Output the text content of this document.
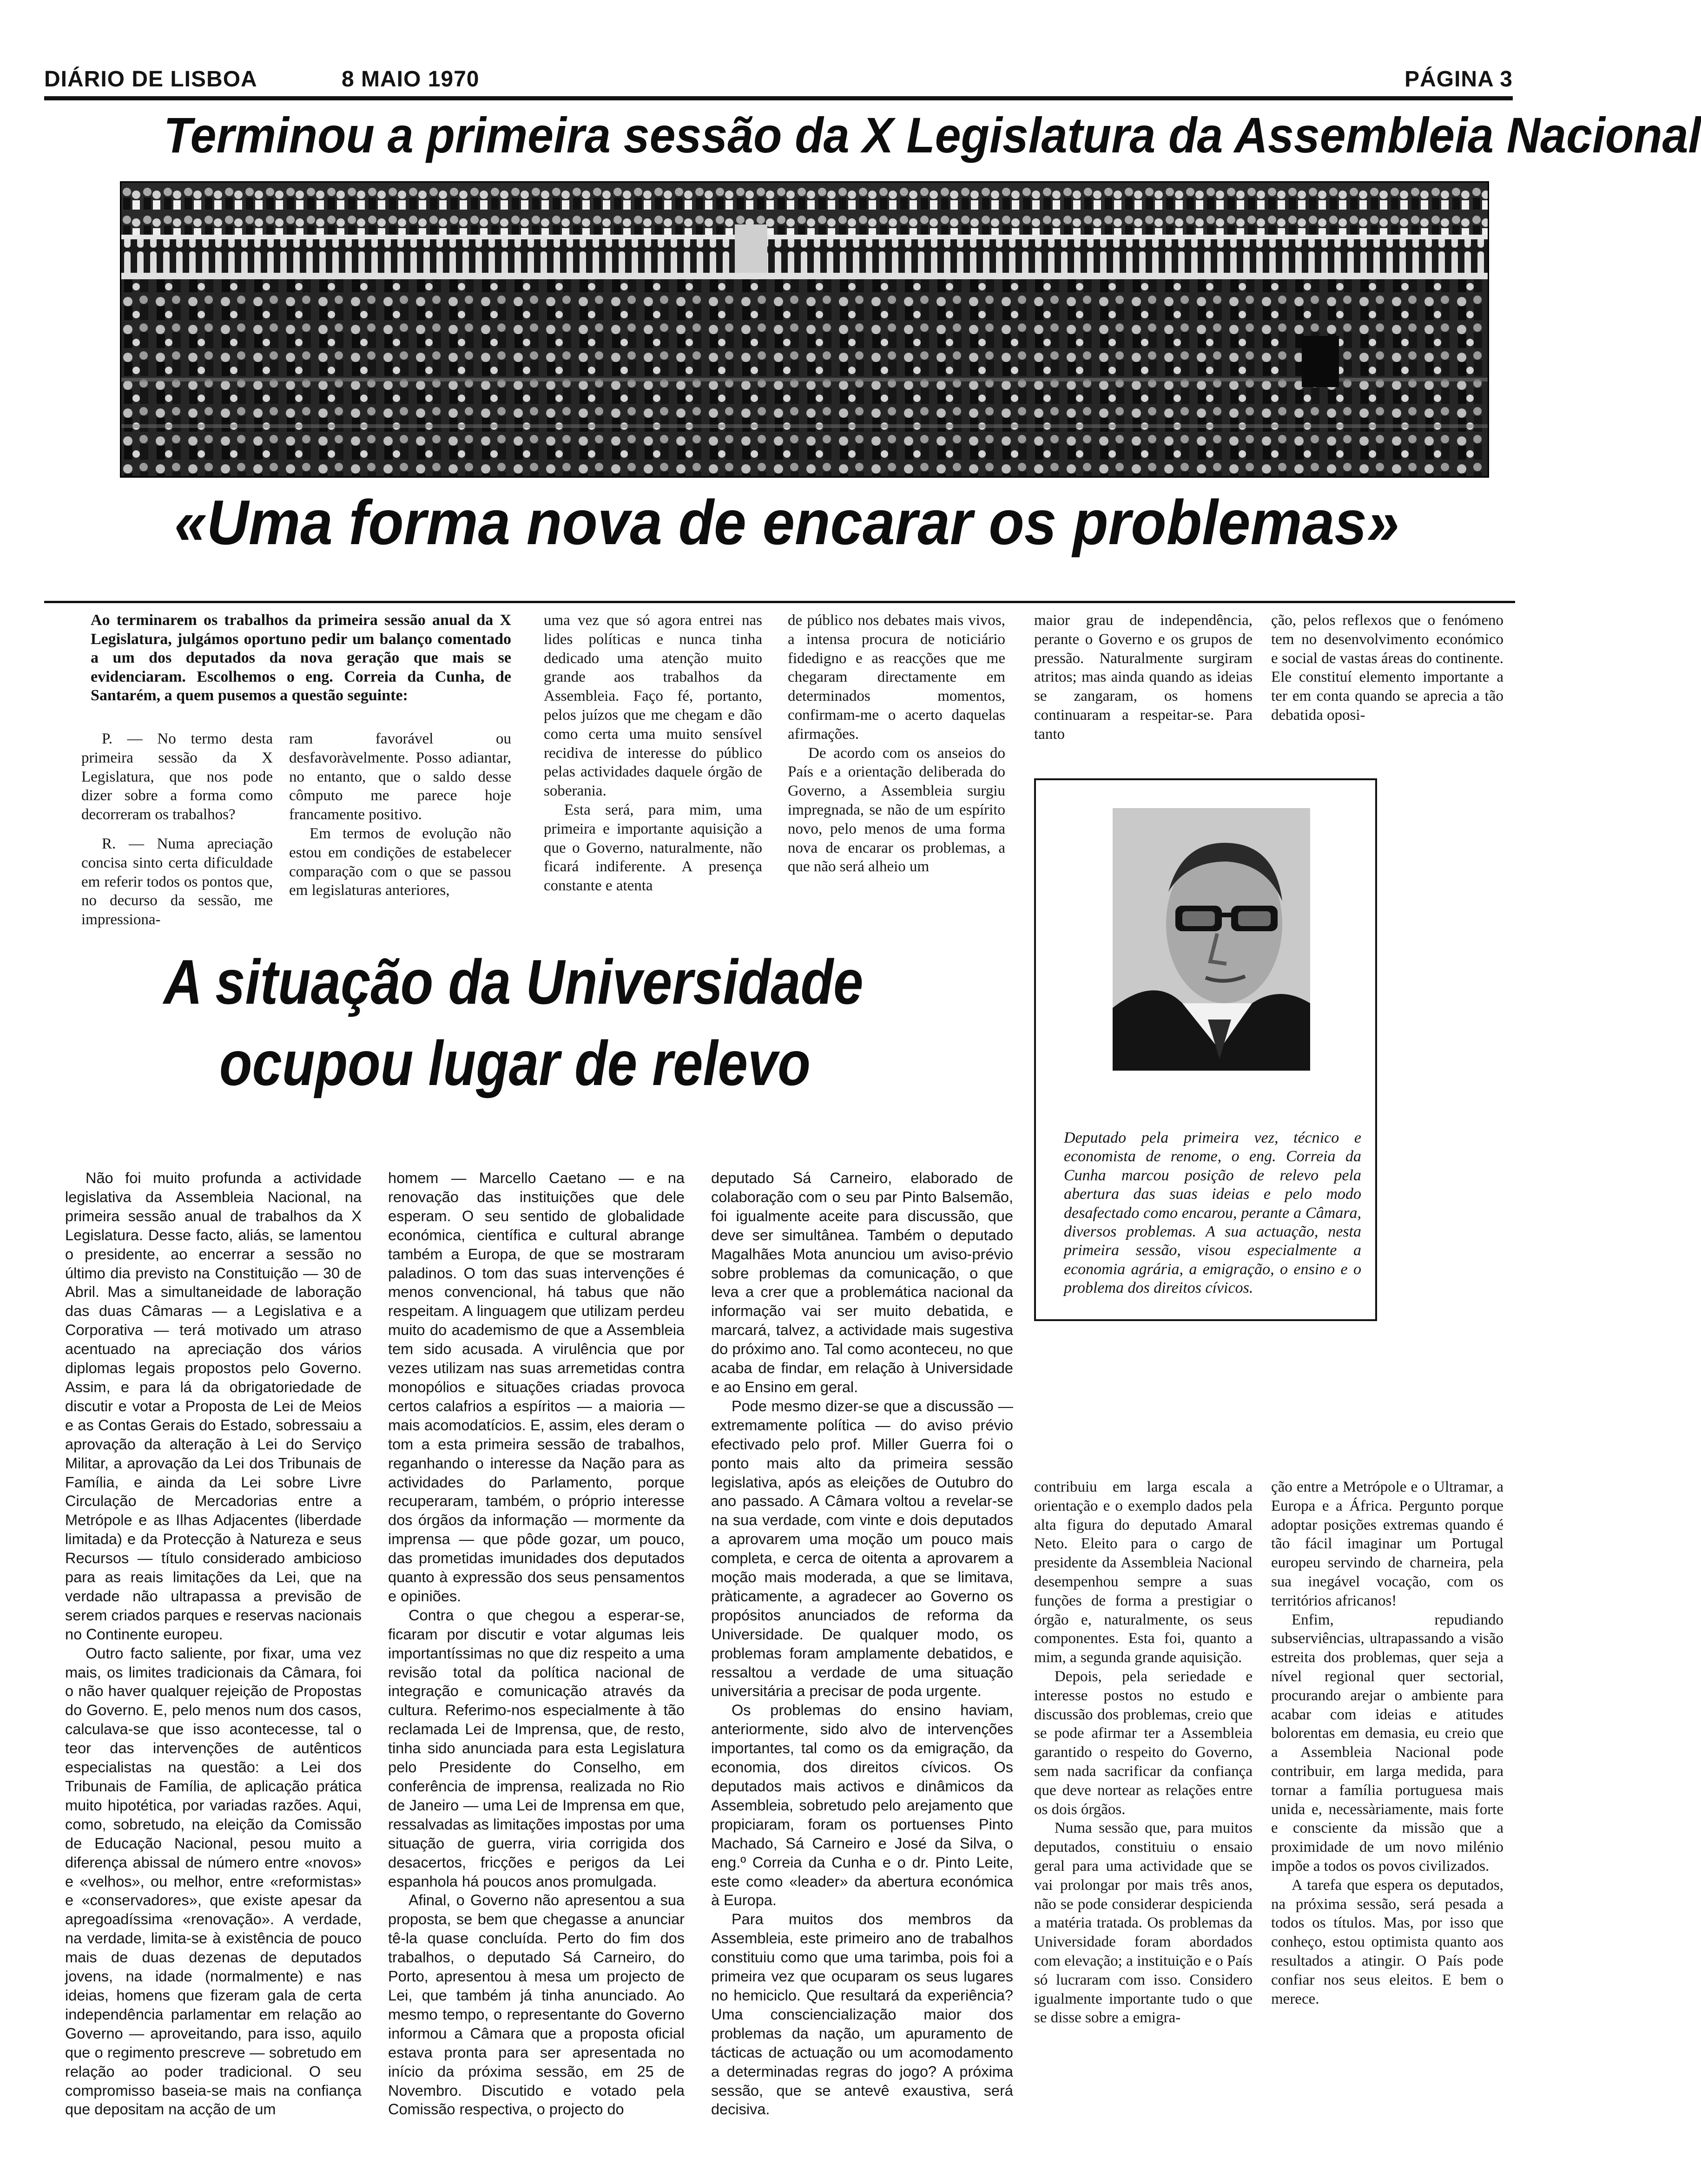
DIÁRIO DE LISBOA	8 MAIO 1970	PÁGINA 3
Terminou a primeira sessão da X Legislatura da Assembleia Nacional
«Uma forma nova de encarar os problemas»
Ao terminarem os trabalhos da primeira sessão anual da X Legislatura, julgámos oportuno pedir um balanço comentado a um dos deputados da nova geração que mais se evidenciaram. Escolhemos o eng. Correia da Cunha, de Santarém, a quem pusemos a questão seguinte:

P. — No termo desta primeira sessão da X Legislatura, que nos pode dizer sobre a forma como decorreram os trabalhos?

R. — Numa apreciação concisa sinto certa dificuldade em referir todos os pontos que, no decurso da sessão, me impressiona-

ram favorável ou desfavoràvelmente. Posso adiantar, no entanto, que o saldo desse cômputo me parece hoje francamente positivo.

Em termos de evolução não estou em condições de estabelecer comparação com o que se passou em legislaturas anteriores,

uma vez que só agora entrei nas lides políticas e nunca tinha dedicado uma atenção muito grande aos trabalhos da Assembleia. Faço fé, portanto, pelos juízos que me chegam e dão como certa uma muito sensível recidiva de interesse do público pelas actividades daquele órgão de soberania.

Esta será, para mim, uma primeira e importante aquisição a que o Governo, naturalmente, não ficará indiferente. A presença constante e atenta

de público nos debates mais vivos, a intensa procura de noticiário fidedigno e as reacções que me chegaram directamente em determinados momentos, confirmam-me o acerto daquelas afirmações.

De acordo com os anseios do País e a orientação deliberada do Governo, a Assembleia surgiu impregnada, se não de um espírito novo, pelo menos de uma forma nova de encarar os problemas, a que não será alheio um

maior grau de independência, perante o Governo e os grupos de pressão. Naturalmente surgiram atritos; mas ainda quando as ideias se zangaram, os homens continuaram a respeitar-se. Para tanto

ção, pelos reflexos que o fenómeno tem no desenvolvimento económico e social de vastas áreas do continente. Ele constituí elemento importante a ter em conta quando se aprecia a tão debatida oposi-

A situação da Universidade
ocupou lugar de relevo
Deputado pela primeira vez, técnico e economista de renome, o eng. Correia da Cunha marcou posição de relevo pela abertura das suas ideias e pelo modo desafectado como encarou, perante a Câmara, diversos problemas. A sua actuação, nesta primeira sessão, visou especialmente a economia agrária, a emigração, o ensino e o problema dos direitos cívicos.

Não foi muito profunda a actividade legislativa da Assembleia Nacional, na primeira sessão anual de trabalhos da X Legislatura. Desse facto, aliás, se lamentou o presidente, ao encerrar a sessão no último dia previsto na Constituição — 30 de Abril. Mas a simultaneidade de laboração das duas Câmaras — a Legislativa e a Corporativa — terá motivado um atraso acentuado na apreciação dos vários diplomas legais propostos pelo Governo. Assim, e para lá da obrigatoriedade de discutir e votar a Proposta de Lei de Meios e as Contas Gerais do Estado, sobressaiu a aprovação da alteração à Lei do Serviço Militar, a aprovação da Lei dos Tribunais de Família, e ainda da Lei sobre Livre Circulação de Mercadorias entre a Metrópole e as Ilhas Adjacentes (liberdade limitada) e da Protecção à Natureza e seus Recursos — título considerado ambicioso para as reais limitações da Lei, que na verdade não ultrapassa a previsão de serem criados parques e reservas nacionais no Continente europeu.

Outro facto saliente, por fixar, uma vez mais, os limites tradicionais da Câmara, foi o não haver qualquer rejeição de Propostas do Governo. E, pelo menos num dos casos, calculava-se que isso acontecesse, tal o teor das intervenções de autênticos especialistas na questão: a Lei dos Tribunais de Família, de aplicação prática muito hipotética, por variadas razões. Aqui, como, sobretudo, na eleição da Comissão de Educação Nacional, pesou muito a diferença abissal de número entre «novos» e «velhos», ou melhor, entre «reformistas» e «conservadores», que existe apesar da apregoadíssima «renovação». A verdade, na verdade, limita-se à existência de pouco mais de duas dezenas de deputados jovens, na idade (normalmente) e nas ideias, homens que fizeram gala de certa independência parlamentar em relação ao Governo — aproveitando, para isso, aquilo que o regimento prescreve — sobretudo em relação ao poder tradicional. O seu compromisso baseia-se mais na confiança que depositam na acção de um

homem — Marcello Caetano — e na renovação das instituições que dele esperam. O seu sentido de globalidade económica, científica e cultural abrange também a Europa, de que se mostraram paladinos. O tom das suas intervenções é menos convencional, há tabus que não respeitam. A linguagem que utilizam perdeu muito do academismo de que a Assembleia tem sido acusada. A virulência que por vezes utilizam nas suas arremetidas contra monopólios e situações criadas provoca certos calafrios a espíritos — a maioria — mais acomodatícios. E, assim, eles deram o tom a esta primeira sessão de trabalhos, reganhando o interesse da Nação para as actividades do Parlamento, porque recuperaram, também, o próprio interesse dos órgãos da informação — mormente da imprensa — que pôde gozar, um pouco, das prometidas imunidades dos deputados quanto à expressão dos seus pensamentos e opiniões.

Contra o que chegou a esperar-se, ficaram por discutir e votar algumas leis importantíssimas no que diz respeito a uma revisão total da política nacional de integração e comunicação através da cultura. Referimo-nos especialmente à tão reclamada Lei de Imprensa, que, de resto, tinha sido anunciada para esta Legislatura pelo Presidente do Conselho, em conferência de imprensa, realizada no Rio de Janeiro — uma Lei de Imprensa em que, ressalvadas as limitações impostas por uma situação de guerra, viria corrigida dos desacertos, fricções e perigos da Lei espanhola há poucos anos promulgada.

Afinal, o Governo não apresentou a sua proposta, se bem que chegasse a anunciar tê-la quase concluída. Perto do fim dos trabalhos, o deputado Sá Carneiro, do Porto, apresentou à mesa um projecto de Lei, que também já tinha anunciado. Ao mesmo tempo, o representante do Governo informou a Câmara que a proposta oficial estava pronta para ser apresentada no início da próxima sessão, em 25 de Novembro. Discutido e votado pela Comissão respectiva, o projecto do

deputado Sá Carneiro, elaborado de colaboração com o seu par Pinto Balsemão, foi igualmente aceite para discussão, que deve ser simultânea. Também o deputado Magalhães Mota anunciou um aviso-prévio sobre problemas da comunicação, o que leva a crer que a problemática nacional da informação vai ser muito debatida, e marcará, talvez, a actividade mais sugestiva do próximo ano. Tal como aconteceu, no que acaba de findar, em relação à Universidade e ao Ensino em geral.

Pode mesmo dizer-se que a discussão — extremamente política — do aviso prévio efectivado pelo prof. Miller Guerra foi o ponto mais alto da primeira sessão legislativa, após as eleições de Outubro do ano passado. A Câmara voltou a revelar-se na sua verdade, com vinte e dois deputados a aprovarem uma moção um pouco mais completa, e cerca de oitenta a aprovarem a moção mais moderada, a que se limitava, pràticamente, a agradecer ao Governo os propósitos anunciados de reforma da Universidade. De qualquer modo, os problemas foram amplamente debatidos, e ressaltou a verdade de uma situação universitária a precisar de poda urgente.

Os problemas do ensino haviam, anteriormente, sido alvo de intervenções importantes, tal como os da emigração, da economia, dos direitos cívicos. Os deputados mais activos e dinâmicos da Assembleia, sobretudo pelo arejamento que propiciaram, foram os portuenses Pinto Machado, Sá Carneiro e José da Silva, o eng.º Correia da Cunha e o dr. Pinto Leite, este como «leader» da abertura económica à Europa.

Para muitos dos membros da Assembleia, este primeiro ano de trabalhos constituiu como que uma tarimba, pois foi a primeira vez que ocuparam os seus lugares no hemiciclo. Que resultará da experiência? Uma consciencialização maior dos problemas da nação, um apuramento de tácticas de actuação ou um acomodamento a determinadas regras do jogo? A próxima sessão, que se antevê exaustiva, será decisiva.

contribuiu em larga escala a orientação e o exemplo dados pela alta figura do deputado Amaral Neto. Eleito para o cargo de presidente da Assembleia Nacional desempenhou sempre a suas funções de forma a prestigiar o órgão e, naturalmente, os seus componentes. Esta foi, quanto a mim, a segunda grande aquisição.

Depois, pela seriedade e interesse postos no estudo e discussão dos problemas, creio que se pode afirmar ter a Assembleia garantido o respeito do Governo, sem nada sacrificar da confiança que deve nortear as relações entre os dois órgãos.

Numa sessão que, para muitos deputados, constituiu o ensaio geral para uma actividade que se vai prolongar por mais três anos, não se pode considerar despicienda a matéria tratada. Os problemas da Universidade foram abordados com elevação; a instituição e o País só lucraram com isso. Considero igualmente importante tudo o que se disse sobre a emigra-

ção entre a Metrópole e o Ultramar, a Europa e a África. Pergunto porque adoptar posições extremas quando é tão fácil imaginar um Portugal europeu servindo de charneira, pela sua inegável vocação, com os territórios africanos!

Enfim, repudiando subserviências, ultrapassando a visão estreita dos problemas, quer seja a nível regional quer sectorial, procurando arejar o ambiente para acabar com ideias e atitudes bolorentas em demasia, eu creio que a Assembleia Nacional pode contribuir, em larga medida, para tornar a família portuguesa mais unida e, necessàriamente, mais forte e consciente da missão que a proximidade de um novo milénio impõe a todos os povos civilizados.

A tarefa que espera os deputados, na próxima sessão, será pesada a todos os títulos. Mas, por isso que conheço, estou optimista quanto aos resultados a atingir. O País pode confiar nos seus eleitos. E bem o merece.
